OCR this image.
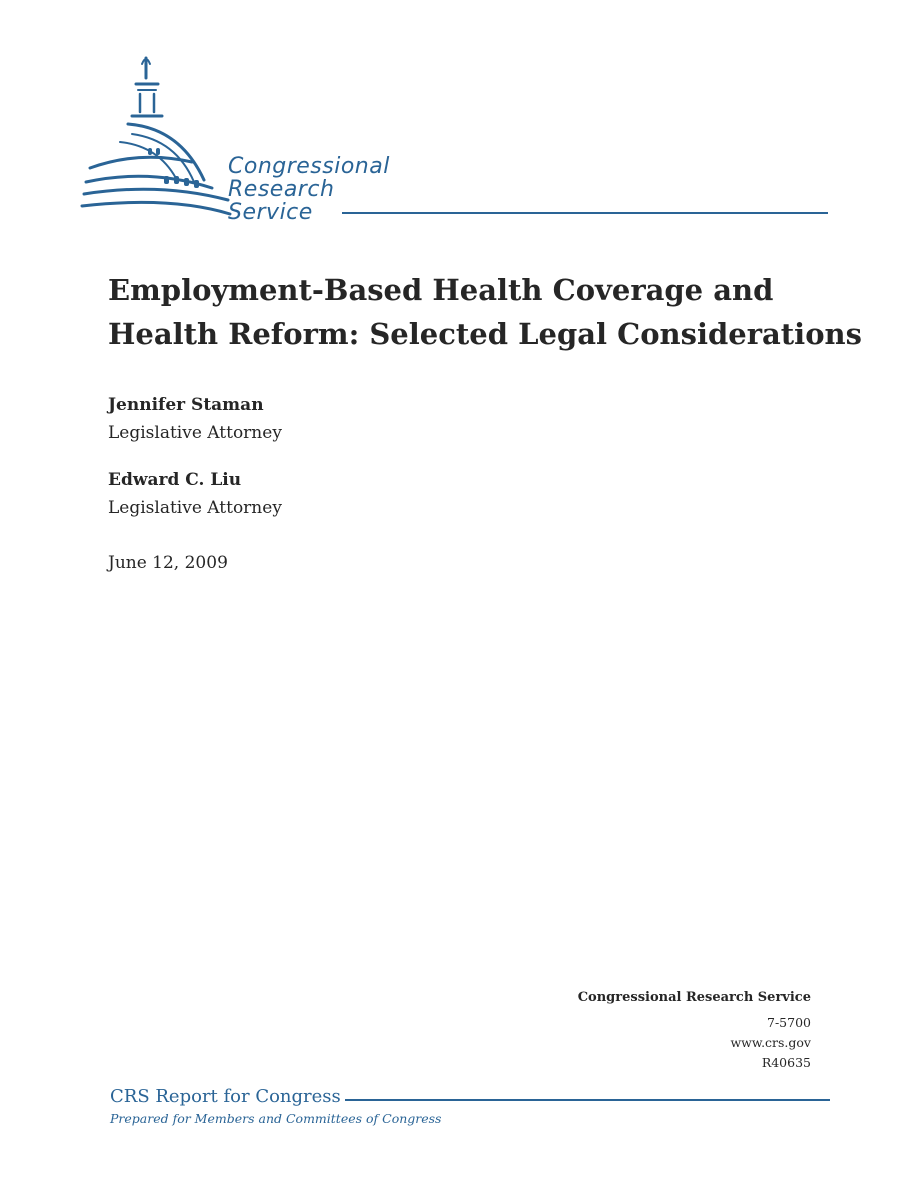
Congressional
Research
Service
Employment-Based Health Coverage and
Health Reform: Selected Legal Considerations
Jennifer Staman
Legislative Attorney
Edward C. Liu
Legislative Attorney
June 12, 2009
Congressional Research Service
7-5700
www.crs.gov
R40635
CRS Report for Congress
Prepared for Members and Committees of Congress
